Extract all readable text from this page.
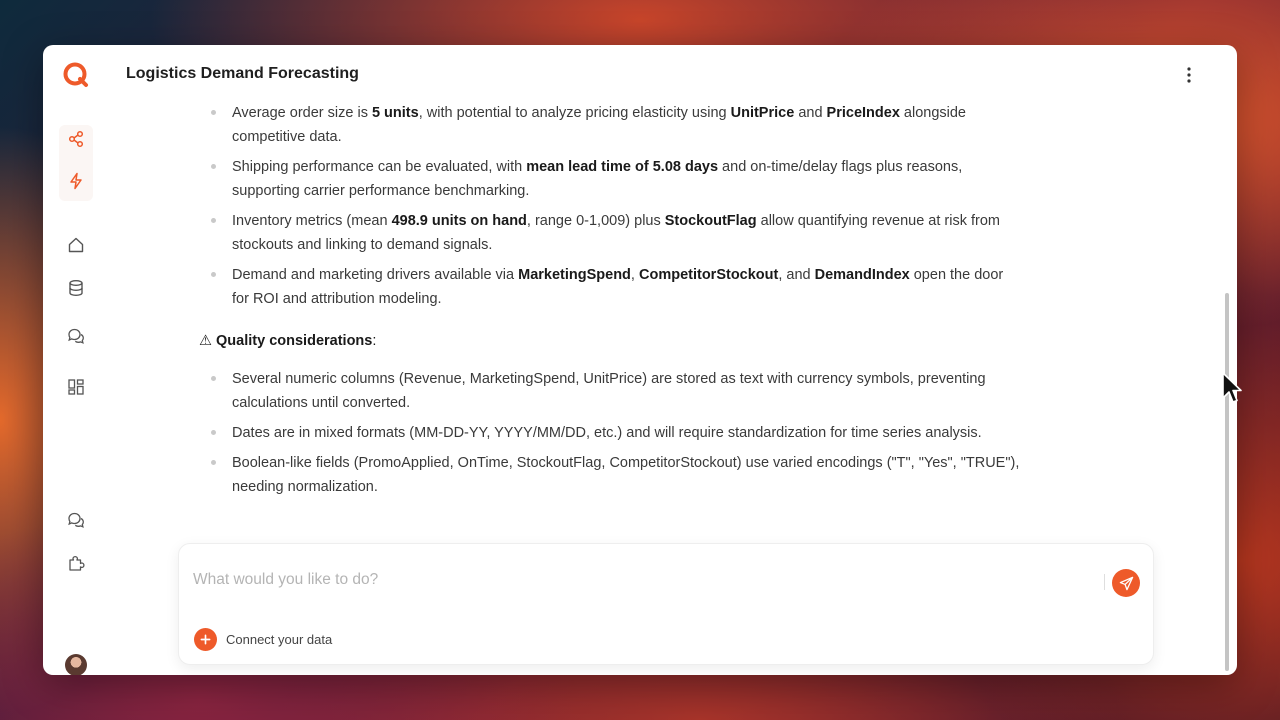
Logistics Demand Forecasting
Average order size is 5 units, with potential to analyze pricing elasticity using UnitPrice and PriceIndex alongside competitive data.
Shipping performance can be evaluated, with mean lead time of 5.08 days and on-time/delay flags plus reasons, supporting carrier performance benchmarking.
Inventory metrics (mean 498.9 units on hand, range 0-1,009) plus StockoutFlag allow quantifying revenue at risk from stockouts and linking to demand signals.
Demand and marketing drivers available via MarketingSpend, CompetitorStockout, and DemandIndex open the door for ROI and attribution modeling.
⚠ Quality considerations:
Several numeric columns (Revenue, MarketingSpend, UnitPrice) are stored as text with currency symbols, preventing calculations until converted.
Dates are in mixed formats (MM-DD-YY, YYYY/MM/DD, etc.) and will require standardization for time series analysis.
Boolean-like fields (PromoApplied, OnTime, StockoutFlag, CompetitorStockout) use varied encodings ("T", "Yes", "TRUE"), needing normalization.
What would you like to do?
Connect your data
